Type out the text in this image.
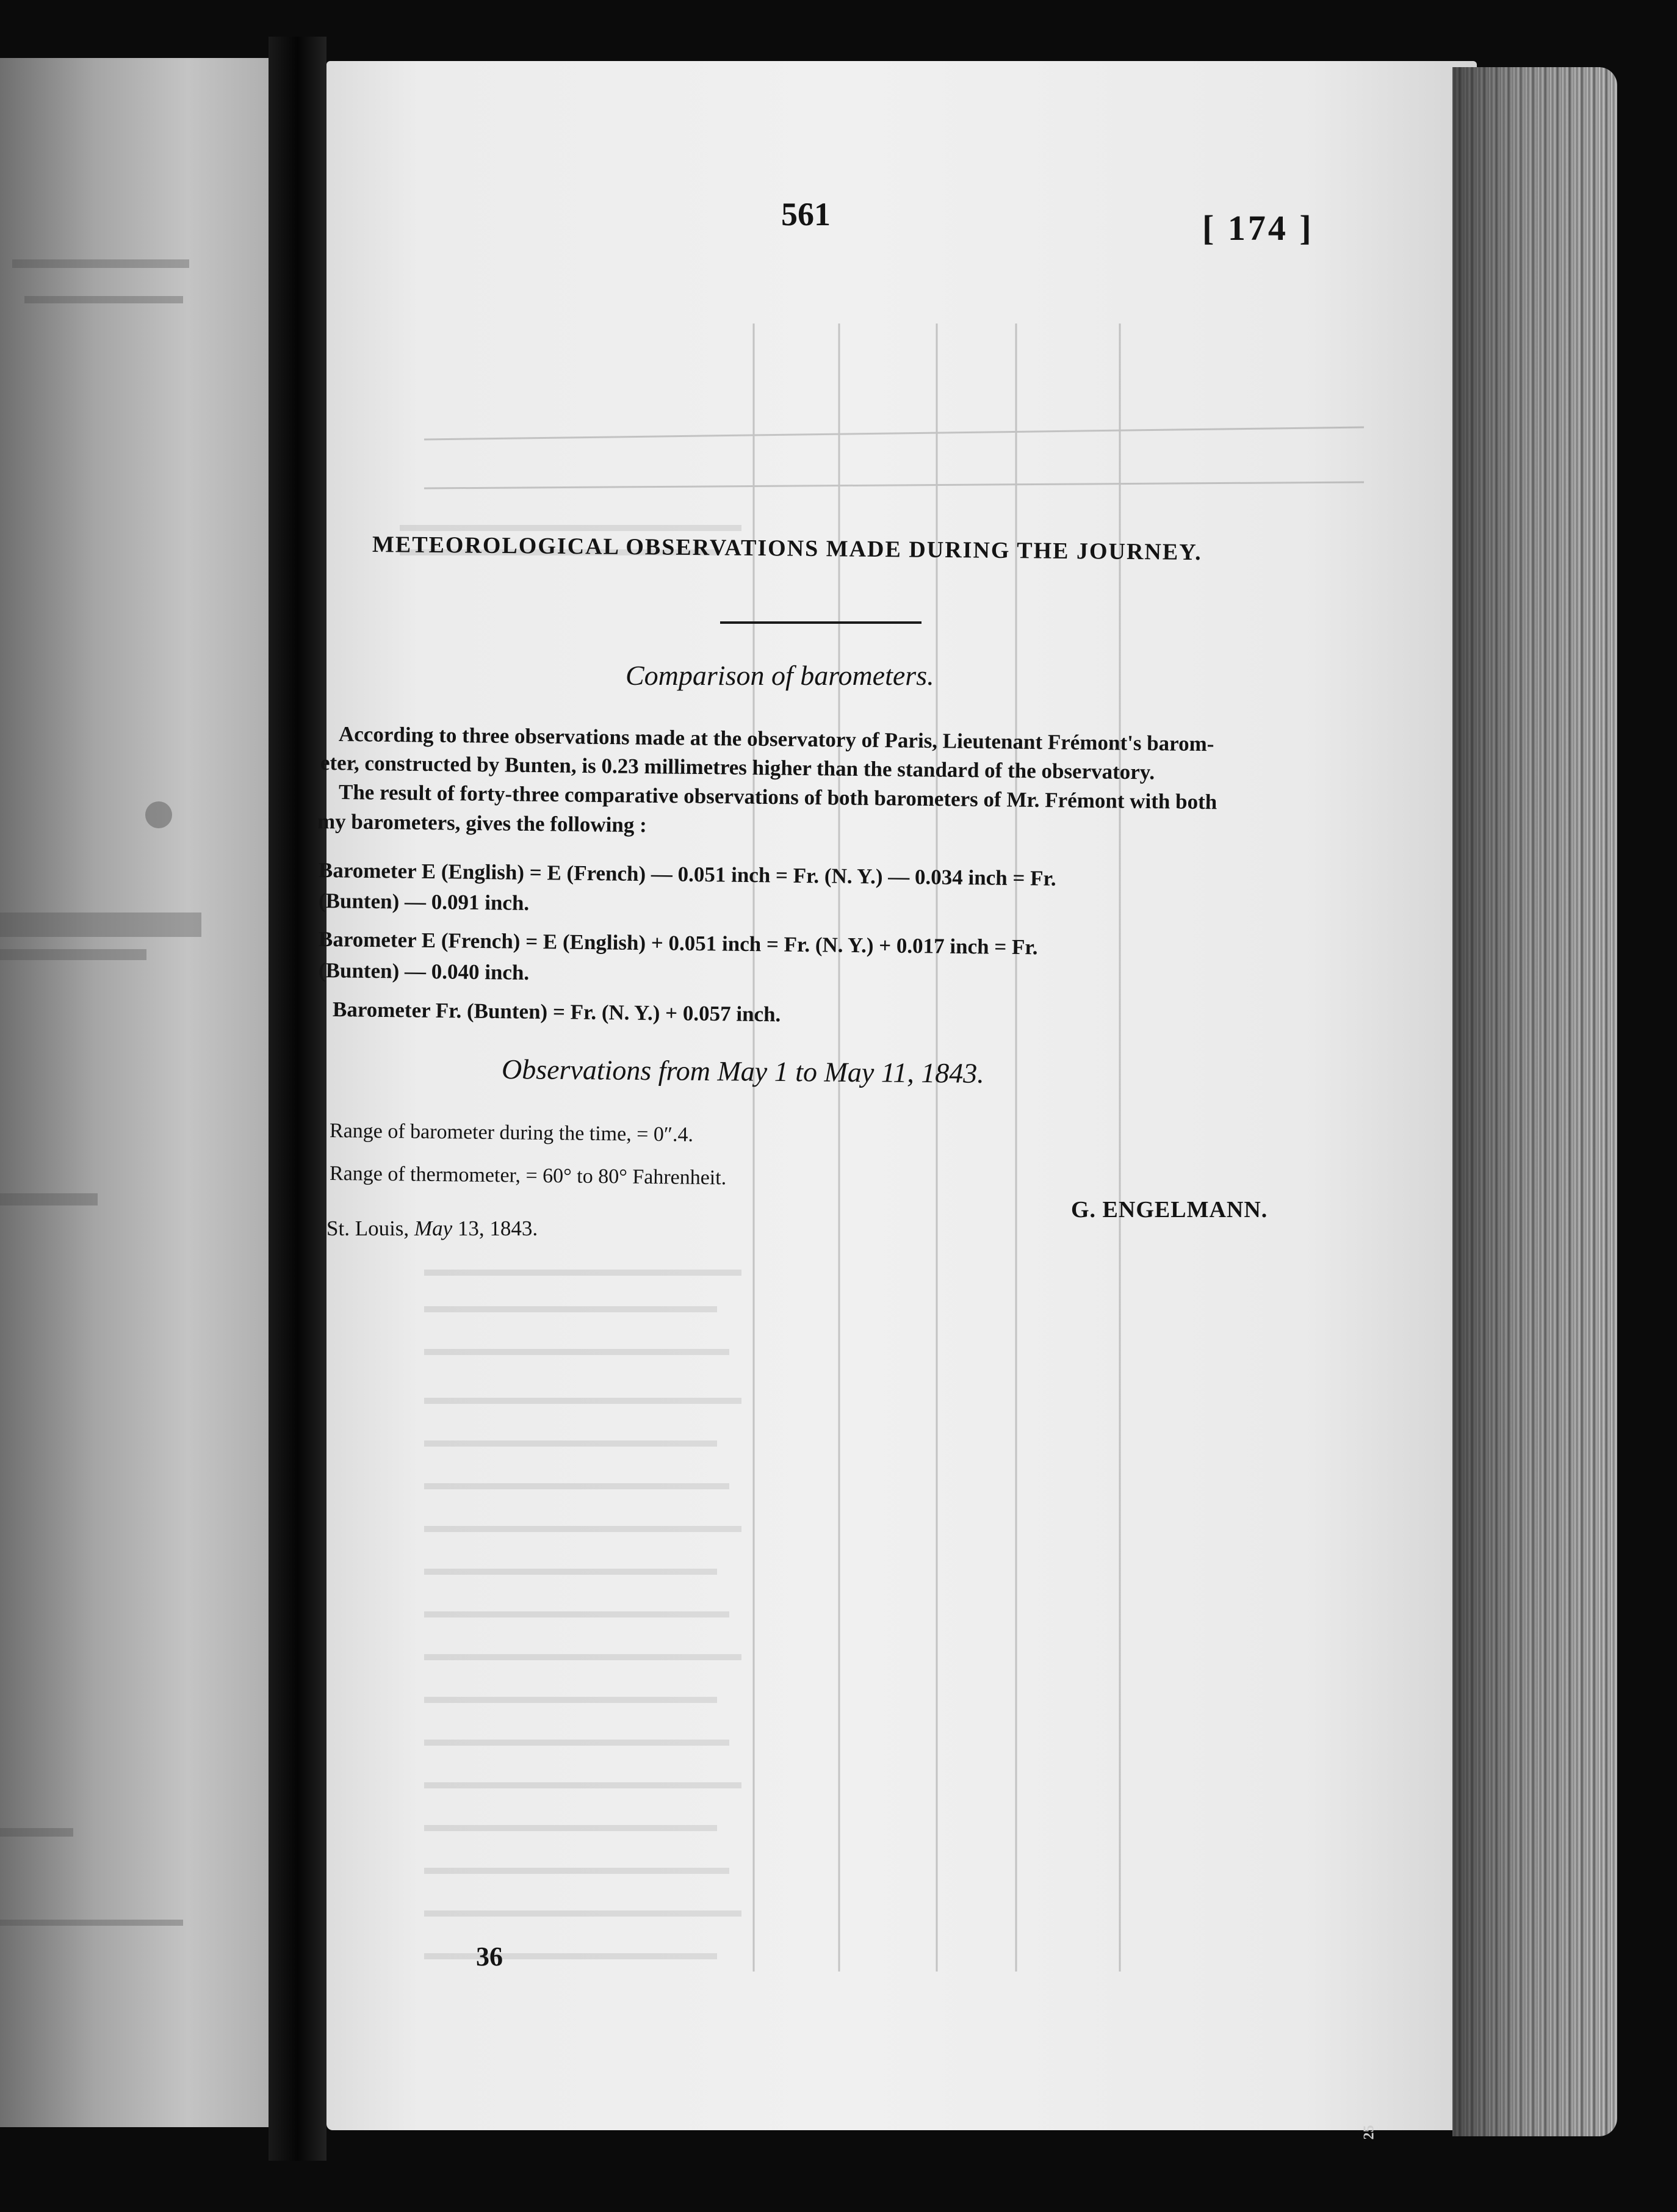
561	[ 174 ]

METEOROLOGICAL OBSERVATIONS MADE DURING THE JOURNEY.

Comparison of barometers.

According to three observations made at the observatory of Paris, Lieutenant Frémont's barom-

eter, constructed by Bunten, is 0.23 millimetres higher than the standard of the observatory.

The result of forty-three comparative observations of both barometers of Mr. Frémont with both

my barometers, gives the following :

Barometer E (English) = E (French) — 0.051 inch = Fr. (N. Y.) — 0.034 inch = Fr.

(Bunten) — 0.091 inch.

Barometer E (French) = E (English) + 0.051 inch = Fr. (N. Y.) + 0.017 inch = Fr.

(Bunten) — 0.040 inch.

Barometer Fr. (Bunten) = Fr. (N. Y.) + 0.057 inch.

Observations from May 1 to May 11, 1843.

Range of barometer during the time, = 0″.4.

Range of thermometer, = 60° to 80° Fahrenheit.

G. ENGELMANN.

St. Louis, May 13, 1843.

36

25
